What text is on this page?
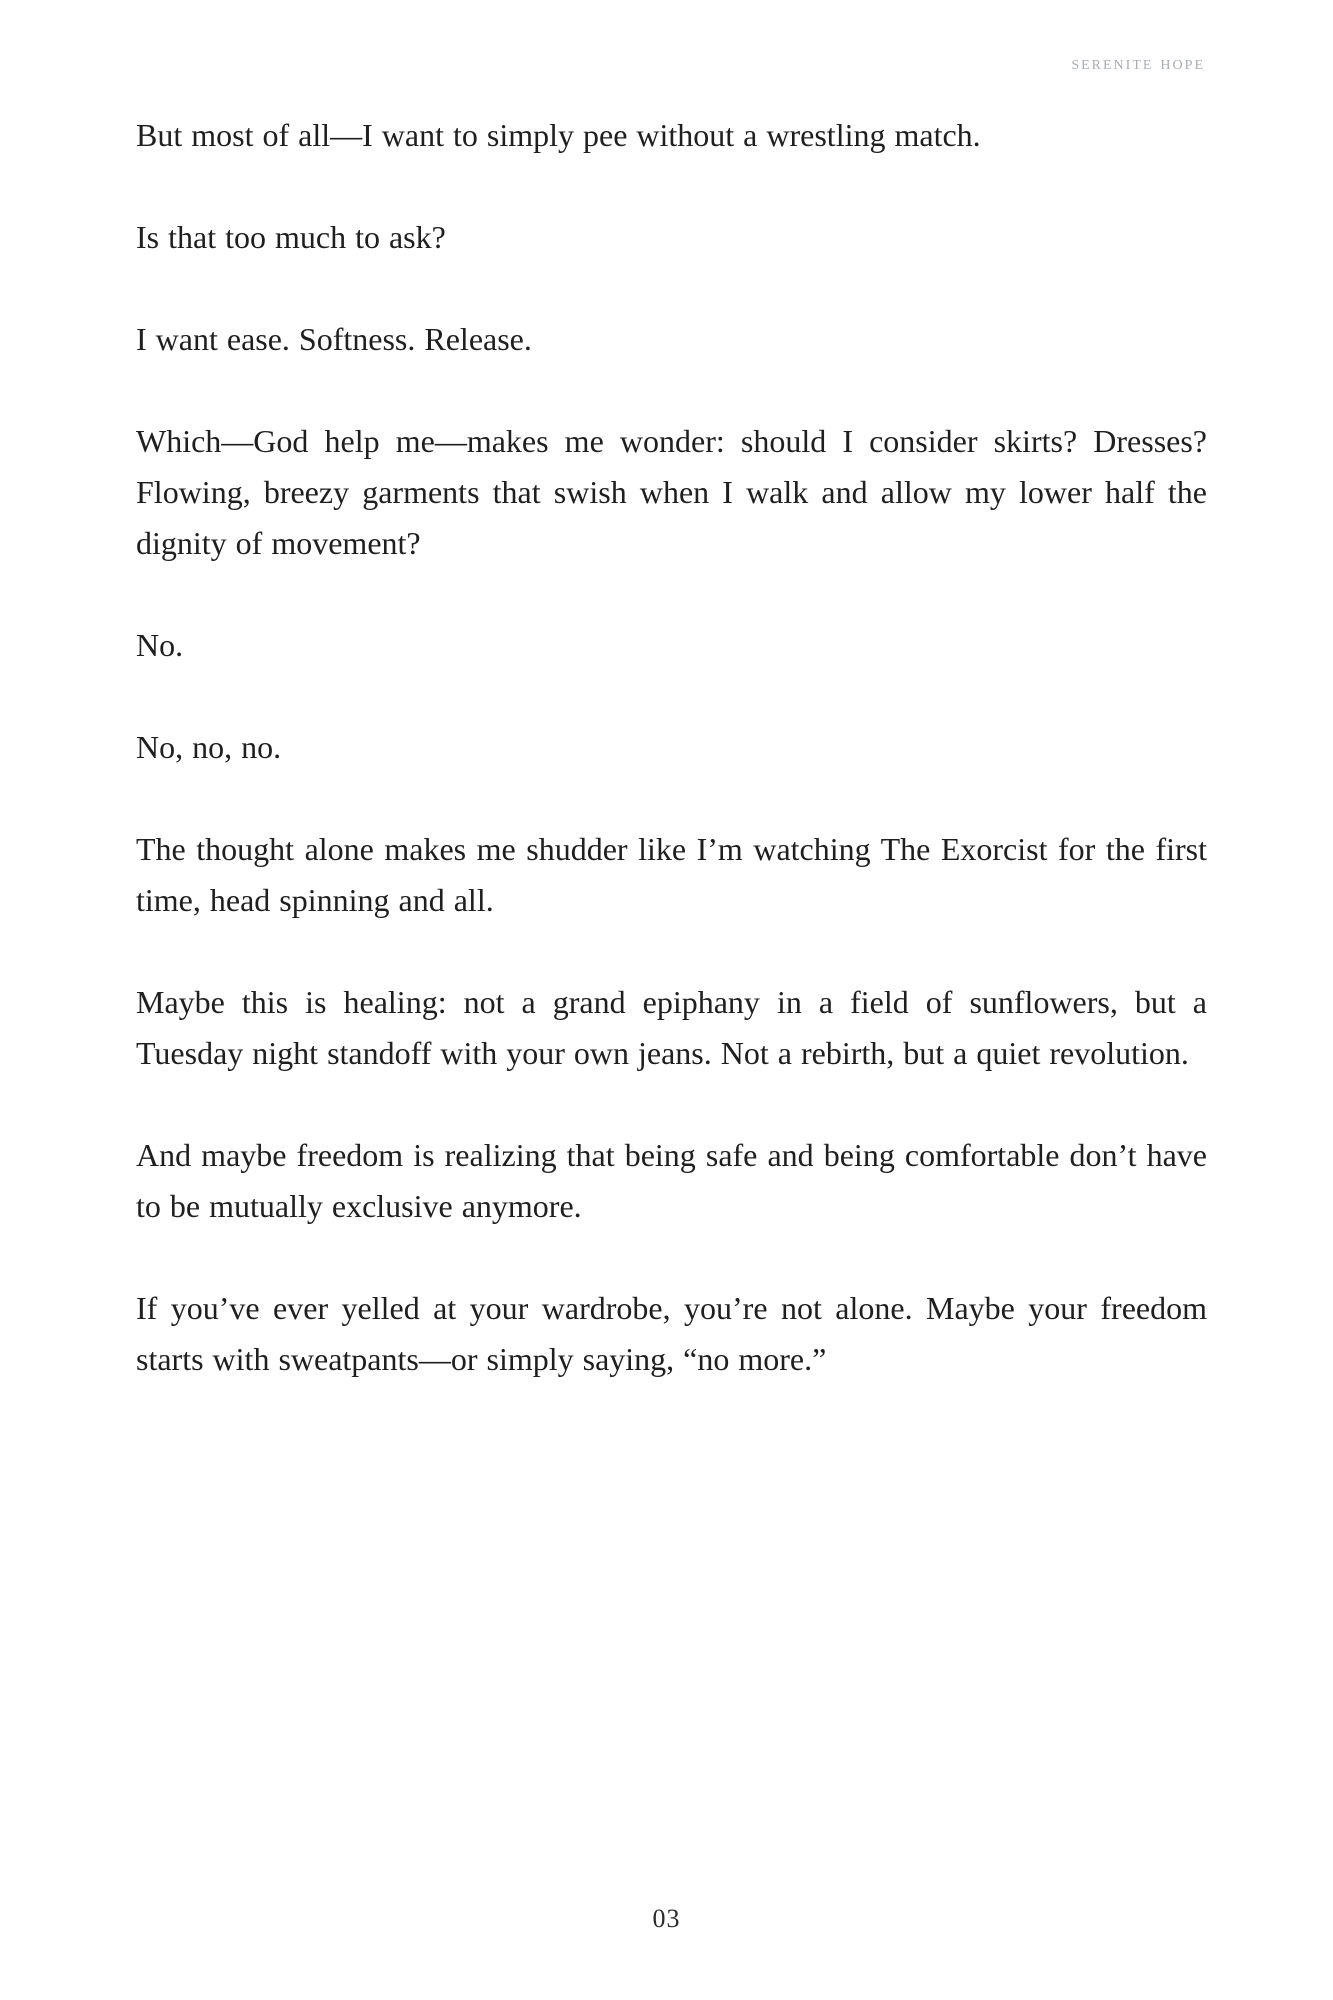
serenite hope

But most of all—I want to simply pee without a wrestling match.

Is that too much to ask?

I want ease. Softness. Release.

Which—God help me—makes me wonder: should I consider skirts? Dresses? Flowing, breezy garments that swish when I walk and allow my lower half the dignity of movement?

No.

No, no, no.

The thought alone makes me shudder like I’m watching The Exorcist for the first time, head spinning and all.

Maybe this is healing: not a grand epiphany in a field of sunflowers, but a Tuesday night standoff with your own jeans. Not a rebirth, but a quiet revolution.

And maybe freedom is realizing that being safe and being comfortable don’t have to be mutually exclusive anymore.

If you’ve ever yelled at your wardrobe, you’re not alone. Maybe your freedom starts with sweatpants—or simply saying, “no more.”

03
